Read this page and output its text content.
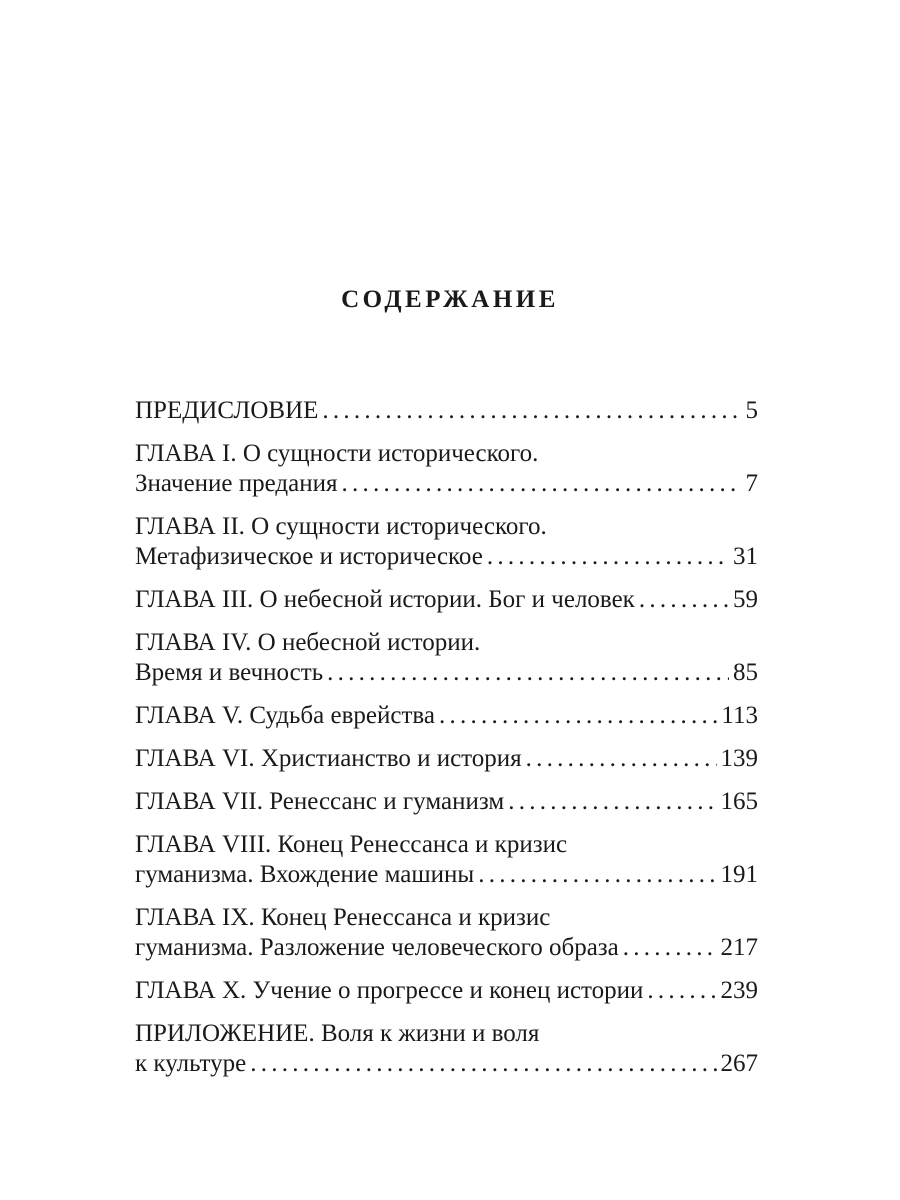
СОДЕРЖАНИЕ
ПРЕДИСЛОВИЕ . . .	5
ГЛАВА I. О сущности исторического.
Значение предания . . .	7
ГЛАВА II. О сущности исторического.
Метафизическое и историческое . . .	31
ГЛАВА III. О небесной истории. Бог и человек . . .	59
ГЛАВА IV. О небесной истории.
Время и вечность . . .	85
ГЛАВА V. Судьба еврейства . . .	113
ГЛАВА VI. Христианство и история . . .	139
ГЛАВА VII. Ренессанс и гуманизм . . .	165
ГЛАВА VIII. Конец Ренессанса и кризис
гуманизма. Вхождение машины . . .	191
ГЛАВА IX. Конец Ренессанса и кризис
гуманизма. Разложение человеческого образа . . .	217
ГЛАВА X. Учение о прогрессе и конец истории . . .	239
ПРИЛОЖЕНИЕ. Воля к жизни и воля
к культуре . . .	267
